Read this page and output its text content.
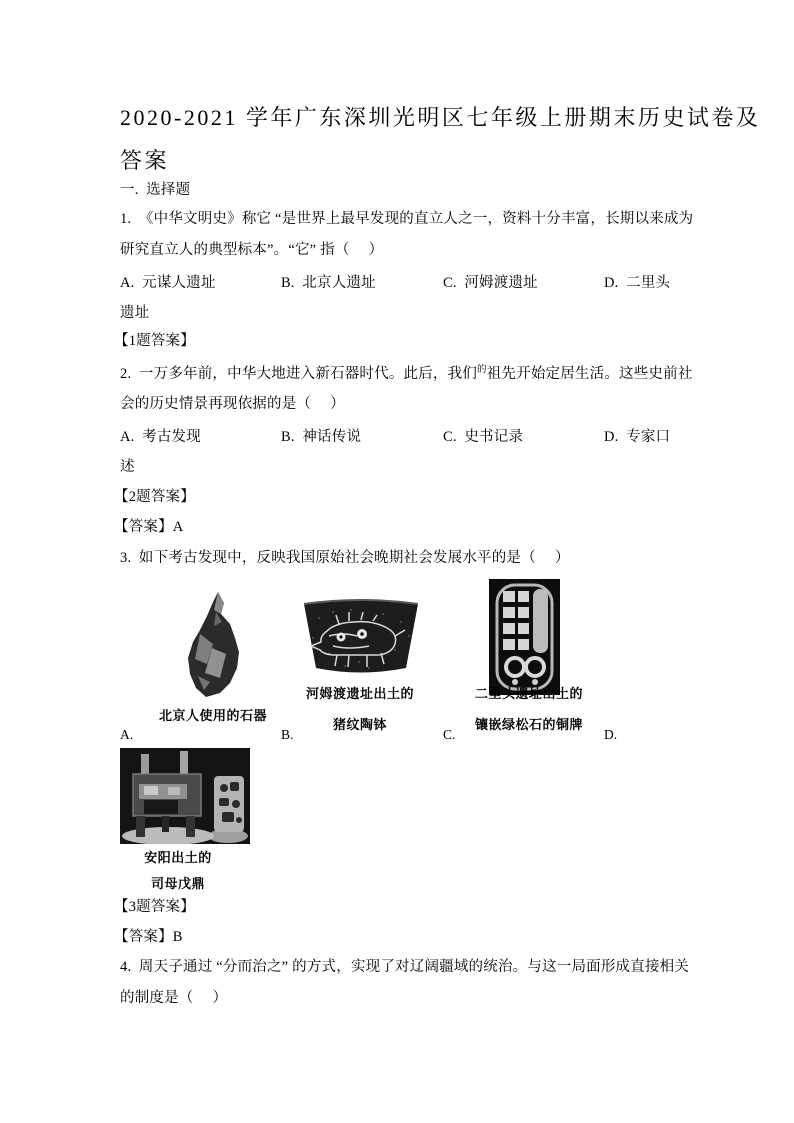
2020-2021 学年广东深圳光明区七年级上册期末历史试卷及
答案
一.  选择题
1.  《中华文明史》称它 “是世界上最早发现的直立人之一，资料十分丰富，长期以来成为
研究直立人的典型标本”。“它” 指（     ）
A.  元谋人遗址	B.  北京人遗址	C.  河姆渡遗址	D.  二里头
遗址
【1题答案】
2.  一万多年前，中华大地进入新石器时代。此后，我们$^的$祖先开始定居生活。这些史前社
会的历史情景再现依据的是（     ）
A.  考古发现	B.  神话传说	C.  史书记录	D.  专家口
述
【2题答案】
【答案】A
3.  如下考古发现中，反映我国原始社会晚期社会发展水平的是（     ）
北京人使用的石器
河姆渡遗址出土的
猪纹陶钵
二里头遗址出土的
镶嵌绿松石的铜牌
A.	B.	C.	D.
安阳出土的
司母戊鼎
【3题答案】
【答案】B
4.  周天子通过 “分而治之” 的方式，实现了对辽阔疆域的统治。与这一局面形成直接相关
的制度是（     ）
